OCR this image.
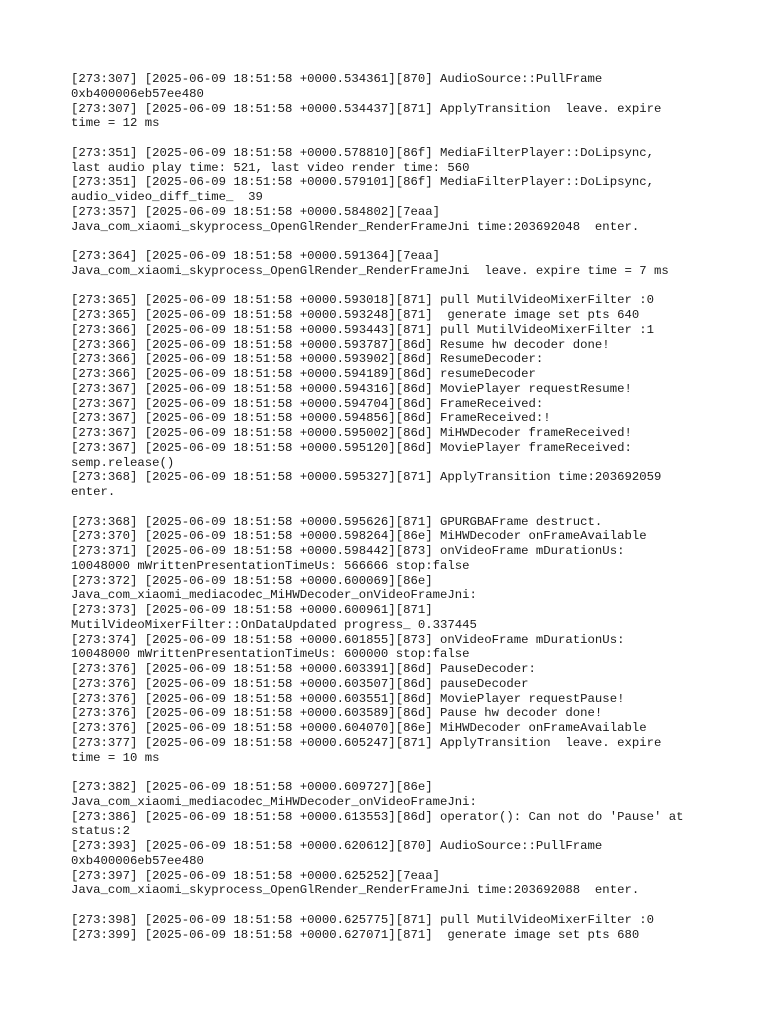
[273:307] [2025-06-09 18:51:58 +0000.534361][870] AudioSource::PullFrame
0xb400006eb57ee480
[273:307] [2025-06-09 18:51:58 +0000.534437][871] ApplyTransition  leave. expire
time = 12 ms
[273:351] [2025-06-09 18:51:58 +0000.578810][86f] MediaFilterPlayer::DoLipsync,
last audio play time: 521, last video render time: 560
[273:351] [2025-06-09 18:51:58 +0000.579101][86f] MediaFilterPlayer::DoLipsync,
audio_video_diff_time_  39
[273:357] [2025-06-09 18:51:58 +0000.584802][7eaa]
Java_com_xiaomi_skyprocess_OpenGlRender_RenderFrameJni time:203692048  enter.
[273:364] [2025-06-09 18:51:58 +0000.591364][7eaa]
Java_com_xiaomi_skyprocess_OpenGlRender_RenderFrameJni  leave. expire time = 7 ms
[273:365] [2025-06-09 18:51:58 +0000.593018][871] pull MutilVideoMixerFilter :0
[273:365] [2025-06-09 18:51:58 +0000.593248][871]  generate image set pts 640
[273:366] [2025-06-09 18:51:58 +0000.593443][871] pull MutilVideoMixerFilter :1
[273:366] [2025-06-09 18:51:58 +0000.593787][86d] Resume hw decoder done!
[273:366] [2025-06-09 18:51:58 +0000.593902][86d] ResumeDecoder:
[273:366] [2025-06-09 18:51:58 +0000.594189][86d] resumeDecoder
[273:367] [2025-06-09 18:51:58 +0000.594316][86d] MoviePlayer requestResume!
[273:367] [2025-06-09 18:51:58 +0000.594704][86d] FrameReceived:
[273:367] [2025-06-09 18:51:58 +0000.594856][86d] FrameReceived:!
[273:367] [2025-06-09 18:51:58 +0000.595002][86d] MiHWDecoder frameReceived!
[273:367] [2025-06-09 18:51:58 +0000.595120][86d] MoviePlayer frameReceived:
semp.release()
[273:368] [2025-06-09 18:51:58 +0000.595327][871] ApplyTransition time:203692059
enter.
[273:368] [2025-06-09 18:51:58 +0000.595626][871] GPURGBAFrame destruct.
[273:370] [2025-06-09 18:51:58 +0000.598264][86e] MiHWDecoder onFrameAvailable
[273:371] [2025-06-09 18:51:58 +0000.598442][873] onVideoFrame mDurationUs:
10048000 mWrittenPresentationTimeUs: 566666 stop:false
[273:372] [2025-06-09 18:51:58 +0000.600069][86e]
Java_com_xiaomi_mediacodec_MiHWDecoder_onVideoFrameJni:
[273:373] [2025-06-09 18:51:58 +0000.600961][871]
MutilVideoMixerFilter::OnDataUpdated progress_ 0.337445
[273:374] [2025-06-09 18:51:58 +0000.601855][873] onVideoFrame mDurationUs:
10048000 mWrittenPresentationTimeUs: 600000 stop:false
[273:376] [2025-06-09 18:51:58 +0000.603391][86d] PauseDecoder:
[273:376] [2025-06-09 18:51:58 +0000.603507][86d] pauseDecoder
[273:376] [2025-06-09 18:51:58 +0000.603551][86d] MoviePlayer requestPause!
[273:376] [2025-06-09 18:51:58 +0000.603589][86d] Pause hw decoder done!
[273:376] [2025-06-09 18:51:58 +0000.604070][86e] MiHWDecoder onFrameAvailable
[273:377] [2025-06-09 18:51:58 +0000.605247][871] ApplyTransition  leave. expire
time = 10 ms
[273:382] [2025-06-09 18:51:58 +0000.609727][86e]
Java_com_xiaomi_mediacodec_MiHWDecoder_onVideoFrameJni:
[273:386] [2025-06-09 18:51:58 +0000.613553][86d] operator(): Can not do 'Pause' at
status:2
[273:393] [2025-06-09 18:51:58 +0000.620612][870] AudioSource::PullFrame
0xb400006eb57ee480
[273:397] [2025-06-09 18:51:58 +0000.625252][7eaa]
Java_com_xiaomi_skyprocess_OpenGlRender_RenderFrameJni time:203692088  enter.
[273:398] [2025-06-09 18:51:58 +0000.625775][871] pull MutilVideoMixerFilter :0
[273:399] [2025-06-09 18:51:58 +0000.627071][871]  generate image set pts 680
